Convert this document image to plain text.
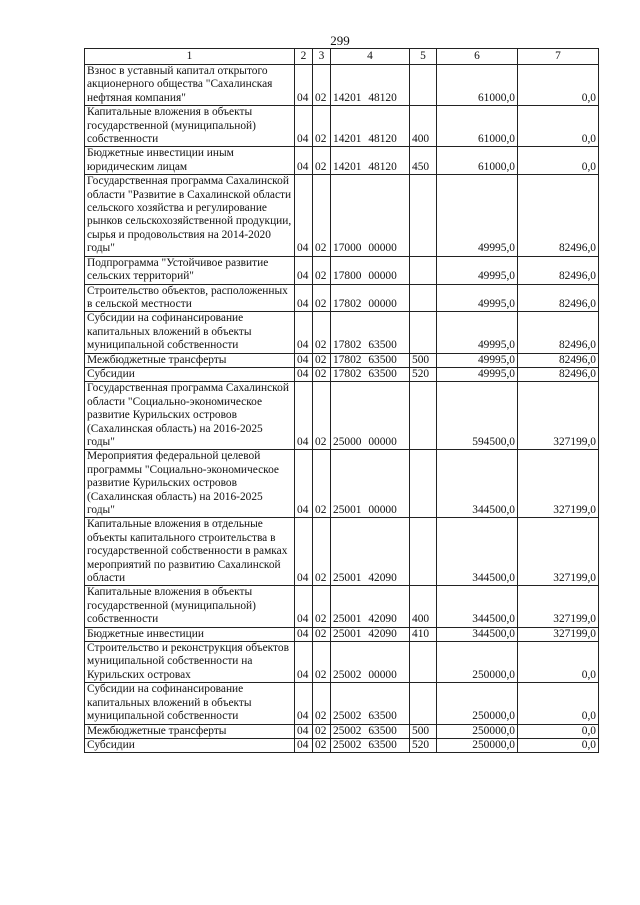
299
1	2	3	4	5	6	7
Взнос в уставный капитал открытого акционерного общества "Сахалинская нефтяная компания"	04	02	14201 48120		61000,0	0,0
Капитальные вложения в объекты государственной (муниципальной) собственности	04	02	14201 48120	400	61000,0	0,0
Бюджетные инвестиции иным юридическим лицам	04	02	14201 48120	450	61000,0	0,0
Государственная программа Сахалинской области "Развитие в Сахалинской области сельского хозяйства и регулирование рынков сельскохозяйственной продукции, сырья и продовольствия на 2014-2020 годы"	04	02	17000 00000		49995,0	82496,0
Подпрограмма "Устойчивое развитие сельских территорий"	04	02	17800 00000		49995,0	82496,0
Строительство объектов, расположенных в сельской местности	04	02	17802 00000		49995,0	82496,0
Субсидии на софинансирование капитальных вложений в объекты муниципальной собственности	04	02	17802 63500		49995,0	82496,0
Межбюджетные трансферты	04	02	17802 63500	500	49995,0	82496,0
Субсидии	04	02	17802 63500	520	49995,0	82496,0
Государственная программа Сахалинской области "Социально-экономическое развитие Курильских островов (Сахалинская область) на 2016-2025 годы"	04	02	25000 00000		594500,0	327199,0
Мероприятия федеральной целевой программы "Социально-экономическое развитие Курильских островов (Сахалинская область) на 2016-2025 годы"	04	02	25001 00000		344500,0	327199,0
Капитальные вложения в отдельные объекты капитального строительства в государственной собственности в рамках мероприятий по развитию Сахалинской области	04	02	25001 42090		344500,0	327199,0
Капитальные вложения в объекты государственной (муниципальной) собственности	04	02	25001 42090	400	344500,0	327199,0
Бюджетные инвестиции	04	02	25001 42090	410	344500,0	327199,0
Строительство и реконструкция объектов муниципальной собственности на Курильских островах	04	02	25002 00000		250000,0	0,0
Субсидии на софинансирование капитальных вложений в объекты муниципальной собственности	04	02	25002 63500		250000,0	0,0
Межбюджетные трансферты	04	02	25002 63500	500	250000,0	0,0
Субсидии	04	02	25002 63500	520	250000,0	0,0
